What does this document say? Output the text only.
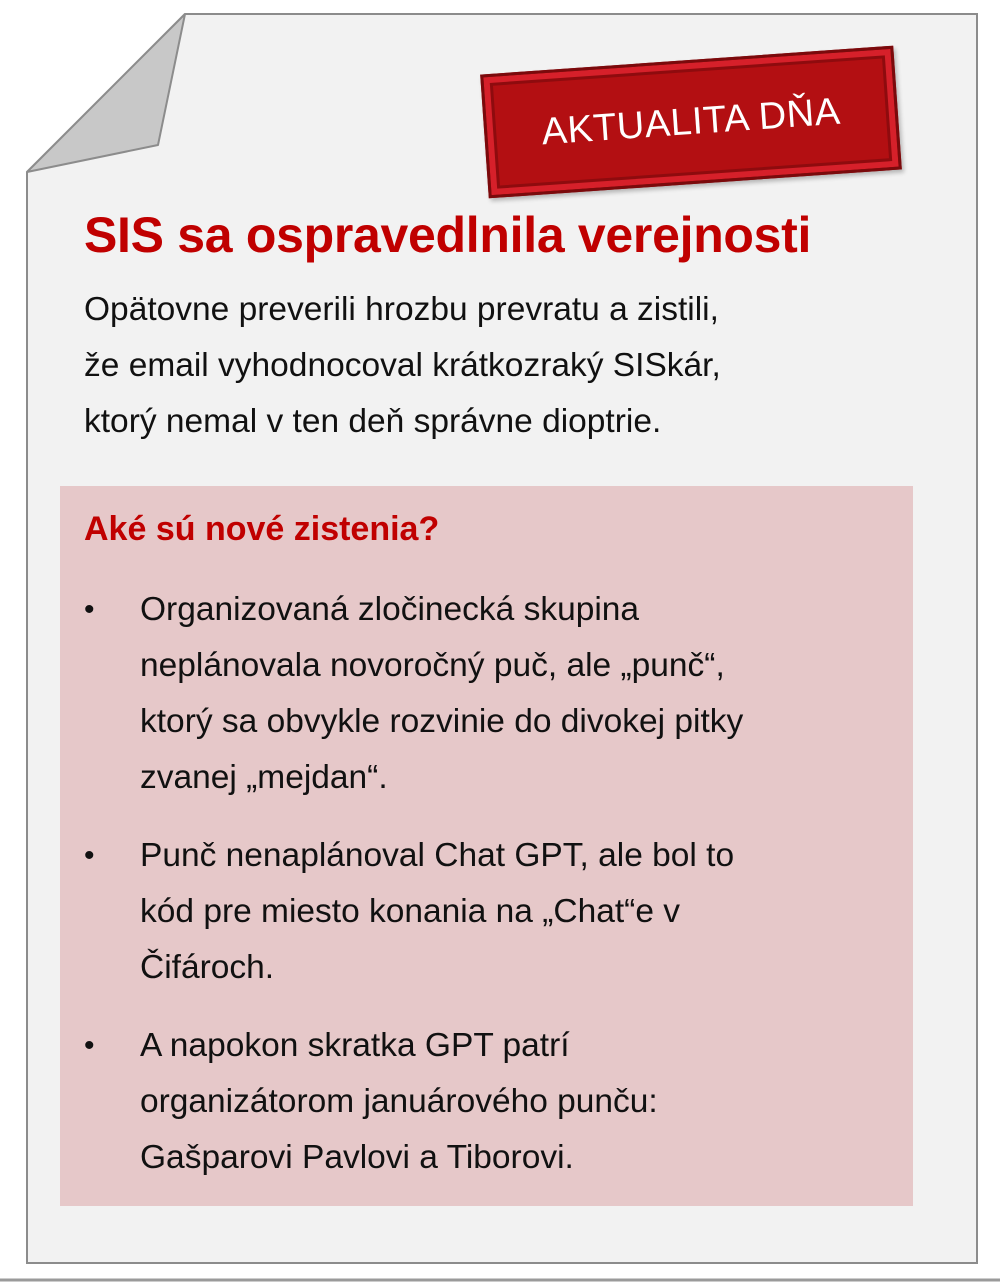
AKTUALITA DŇA
SIS sa ospravedlnila verejnosti

Opätovne preverili hrozbu prevratu a zistili,
že email vyhodnocoval krátkozraký SISkár,
ktorý nemal v ten deň správne dioptrie.

Aké sú nové zistenia?
• Organizovaná zločinecká skupina
neplánovala novoročný puč, ale „punč“,
ktorý sa obvykle rozvinie do divokej pitky
zvanej „mejdan“.
• Punč nenaplánoval Chat GPT, ale bol to
kód pre miesto konania na „Chat“e v
Čifároch.
• A napokon skratka GPT patrí
organizátorom januárového punču:
Gašparovi Pavlovi a Tiborovi.
